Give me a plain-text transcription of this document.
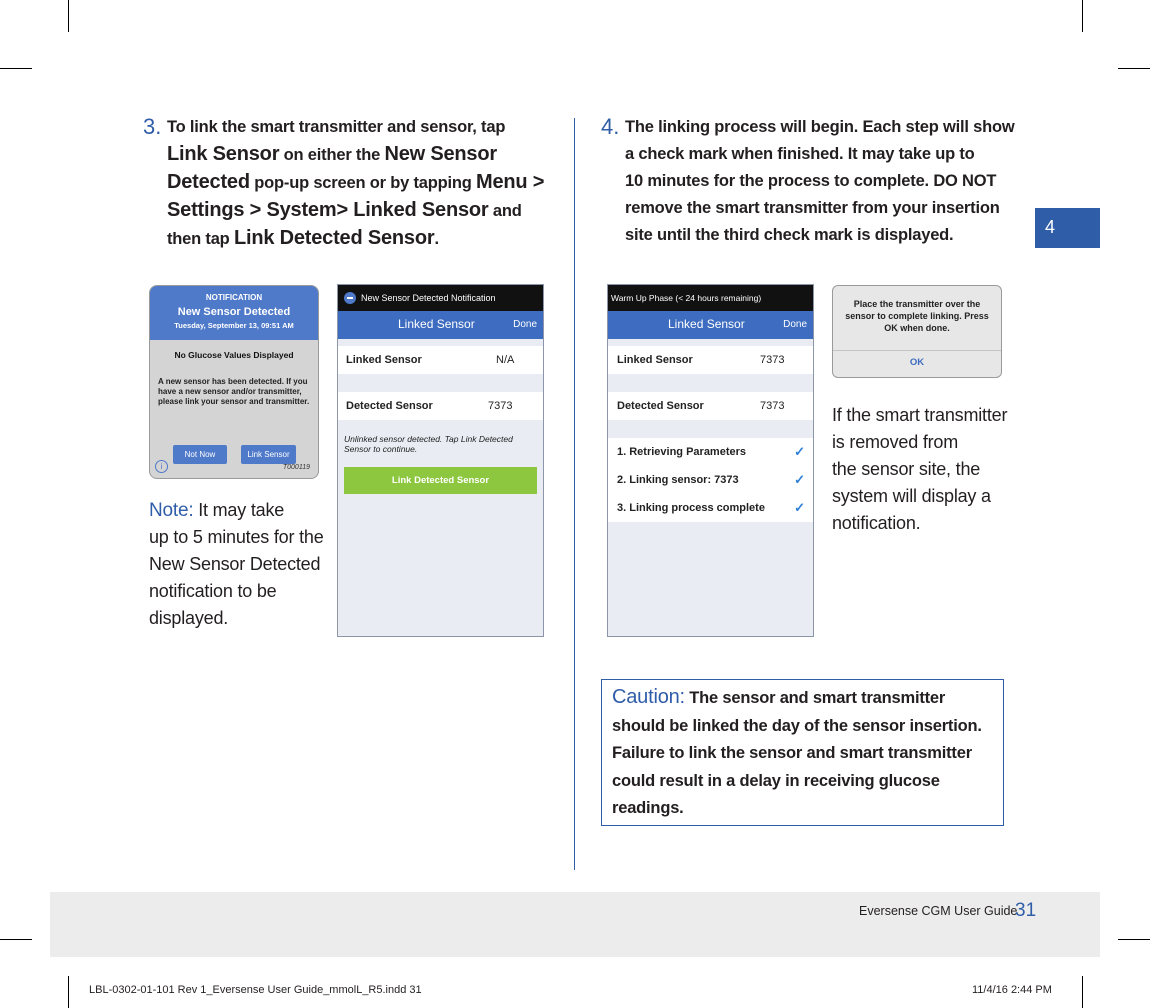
3. To link the smart transmitter and sensor, tap
Link Sensor on either the New Sensor
Detected pop-up screen or by tapping Menu >
Settings > System> Linked Sensor and
then tap Link Detected Sensor.
4. The linking process will begin. Each step will show
a check mark when finished. It may take up to
10 minutes for the process to complete. DO NOT
remove the smart transmitter from your insertion
site until the third check mark is displayed.
NOTIFICATION
New Sensor Detected
Tuesday, September 13, 09:51 AM
No Glucose Values Displayed
A new sensor has been detected. If you have a new sensor and/or transmitter, please link your sensor and transmitter.
Not Now	Link Sensor
i	T000119
Note: It may take
up to 5 minutes for the
New Sensor Detected
notification to be
displayed.
New Sensor Detected Notification
Linked Sensor	Done
Linked Sensor	N/A
Detected Sensor	7373
Unlinked sensor detected. Tap Link Detected Sensor to continue.
Link Detected Sensor
Warm Up Phase (< 24 hours remaining)
Linked Sensor	Done
Linked Sensor	7373
Detected Sensor	7373
1. Retrieving Parameters	✓
2. Linking sensor: 7373	✓
3. Linking process complete ✓
Place the transmitter over the sensor to complete linking. Press OK when done.
OK
If the smart transmitter
is removed from
the sensor site, the
system will display a
notification.
Caution: The sensor and smart transmitter
should be linked the day of the sensor insertion.
Failure to link the sensor and smart transmitter
could result in a delay in receiving glucose
readings.
4
Eversense CGM User Guide
31
LBL-0302-01-101 Rev 1_Eversense User Guide_mmolL_R5.indd 31	11/4/16 2:44 PM
